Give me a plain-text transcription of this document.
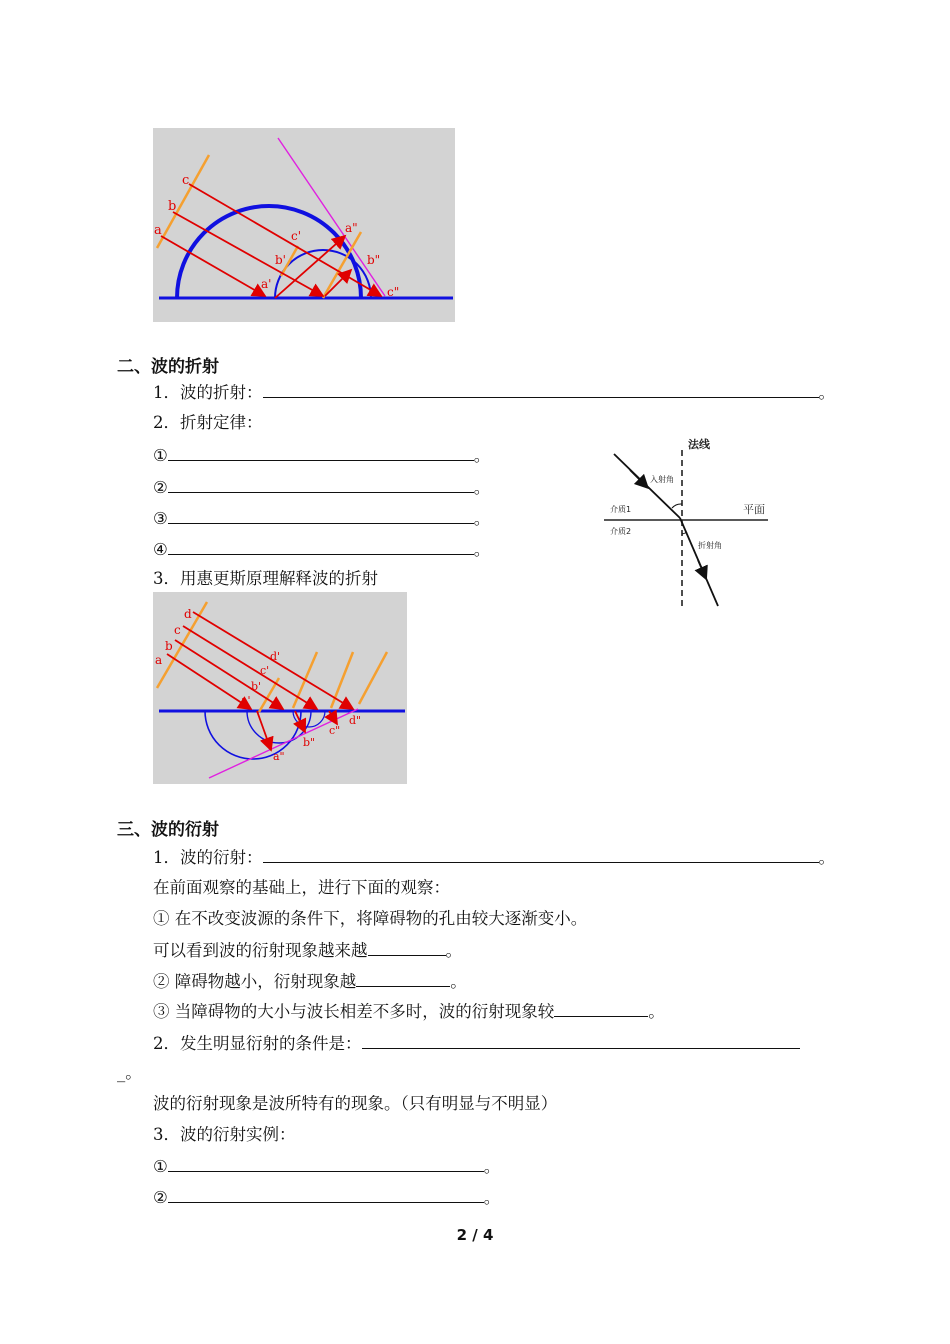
a
b
c
a'
b'
c'
a"
b"
c"
二、波的折射
1．波的折射：	。
2．折射定律：
①	。
②	。
③	。
④	。
3．用惠更斯原理解释波的折射
法线
入射角
平面
介质1
介质2
折射角
a
b
c
d
a'
b'
c'
d'
a"
b"
c"
d"
三、波的衍射
1．波的衍射：	。
在前面观察的基础上，进行下面的观察：
① 在不改变波源的条件下，将障碍物的孔由较大逐渐变小。
可以看到波的衍射现象越来越	。
② 障碍物越小，衍射现象越	。
③ 当障碍物的大小与波长相差不多时，波的衍射现象较	。
2．发生明显衍射的条件是：
_。
波的衍射现象是波所特有的现象。（只有明显与不明显）
3．波的衍射实例：
①	。
②	。
2 / 4
